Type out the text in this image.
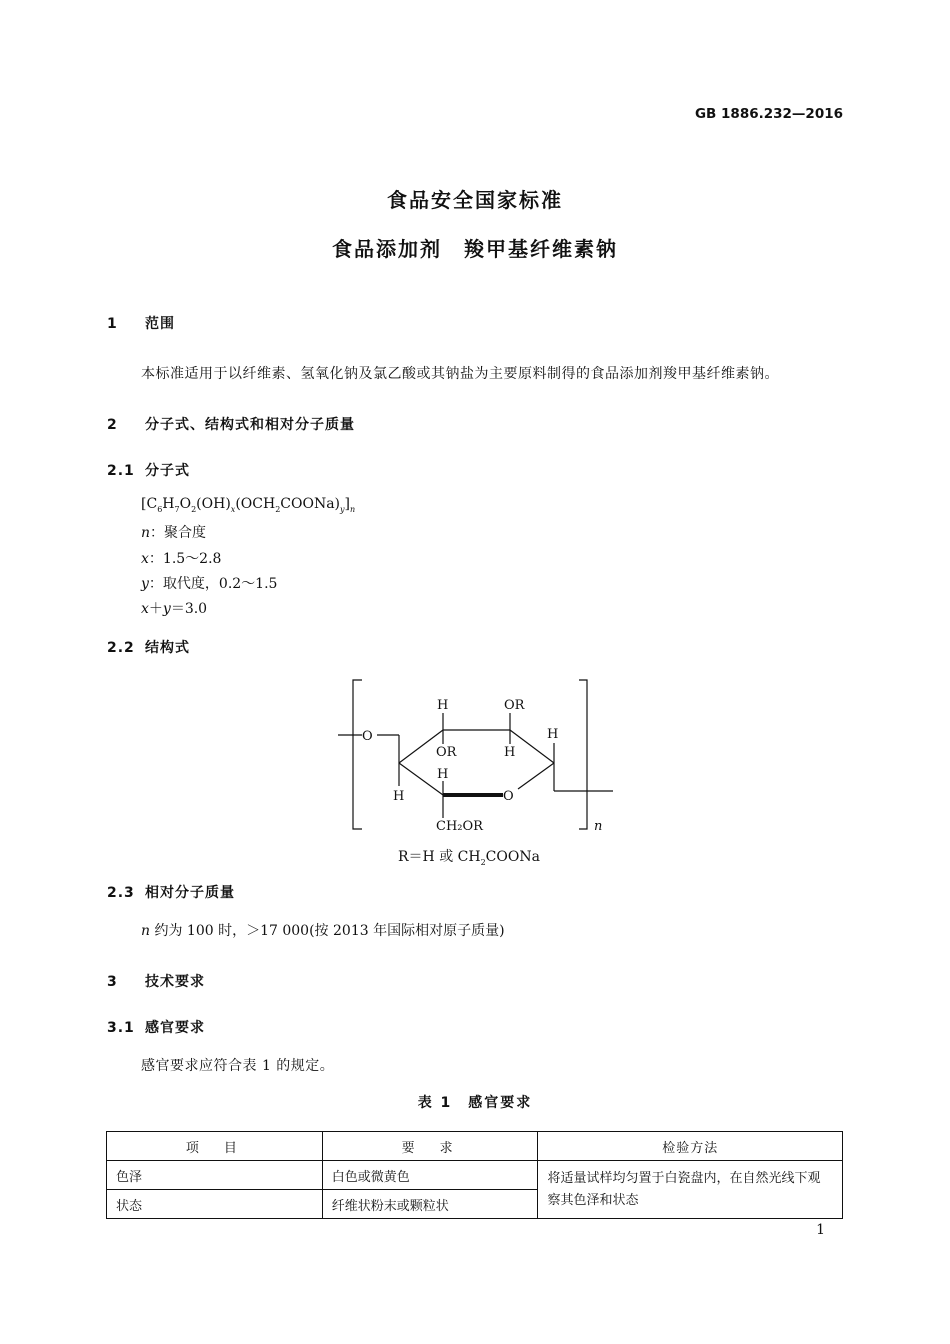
GB 1886.232—2016
食品安全国家标准
食品添加剂　羧甲基纤维素钠
1 范围
本标准适用于以纤维素、氢氧化钠及氯乙酸或其钠盐为主要原料制得的食品添加剂羧甲基纤维素钠。
2 分子式、结构式和相对分子质量
2.1 分子式
$[C_6H_7O_2(OH)_x(OCH_2COONa)_y]_n$
n：聚合度
x：1.5～2.8
y：取代度，0.2～1.5
x＋y＝3.0
2.2 结构式
O
H	OR
H
OR	H
H
H	O
CH₂OR	n
R＝H 或 $CH_2COONa$
2.3 相对分子质量
n 约为 100 时，＞17 000(按 2013 年国际相对原子质量)
3 技术要求
3.1 感官要求
感官要求应符合表 1 的规定。
表 1　感官要求
项　目	要　求	检验方法
色泽	白色或微黄色	将适量试样均匀置于白瓷盘内，在自然光线下观察其色泽和状态
状态	纤维状粉末或颗粒状	
1
